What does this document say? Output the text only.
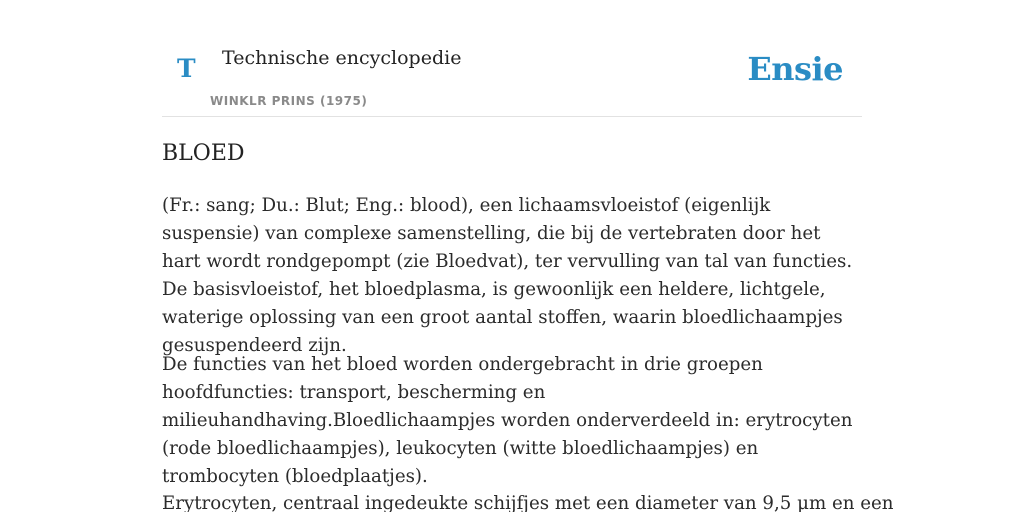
T Technische encyclopedie
WINKLR PRINS (1975)
Ensie
BLOED

(Fr.: sang; Du.: Blut; Eng.: blood), een lichaamsvloeistof (eigenlijk suspensie) van complexe samenstelling, die bij de vertebraten door het hart wordt rondgepompt (zie Bloedvat), ter vervulling van tal van functies. De basisvloeistof, het bloedplasma, is gewoonlijk een heldere, lichtgele, waterige oplossing van een groot aantal stoffen, waarin bloedlichaampjes gesuspendeerd zijn.

De functies van het bloed worden ondergebracht in drie groepen hoofdfuncties: transport, bescherming en milieuhandhaving.Bloedlichaampjes worden onderverdeeld in: erytrocyten (rode bloedlichaampjes), leukocyten (witte bloedlichaampjes) en trombocyten (bloedplaatjes).

Erytrocyten, centraal ingedeukte schijfjes met een diameter van 9,5 µm en een
